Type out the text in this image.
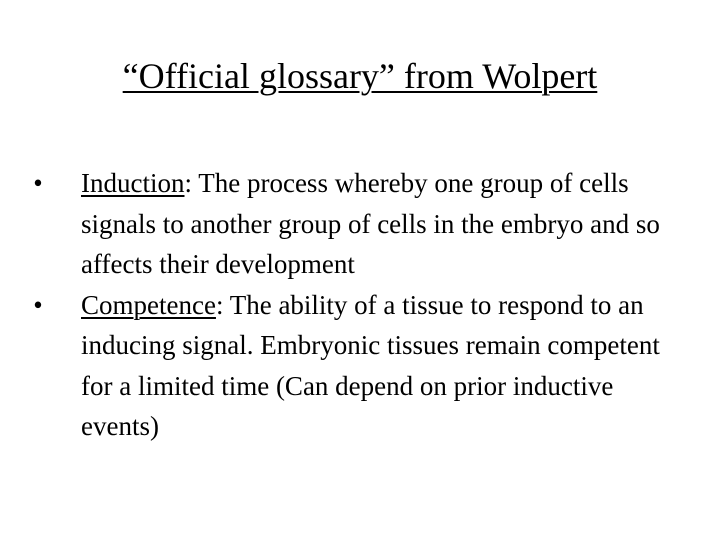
“Official glossary” from Wolpert
• Induction: The process whereby one group of cells signals to another group of cells in the embryo and so affects their development
• Competence: The ability of a tissue to respond to an inducing signal. Embryonic tissues remain competent for a limited time (Can depend on prior inductive events)
